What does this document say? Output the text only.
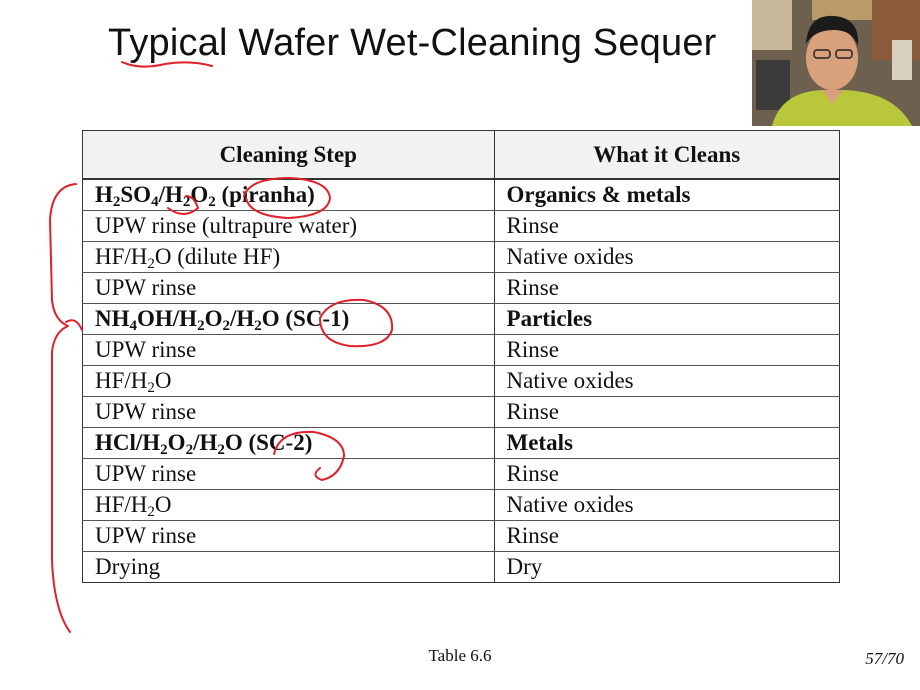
Typical Wafer Wet-Cleaning Sequer
Cleaning Step	What it Cleans
$H_2SO_4/H_2O_2$ (piranha)	Organics & metals
UPW rinse (ultrapure water)	Rinse
$HF/H_2O$ (dilute HF)	Native oxides
UPW rinse	Rinse
$NH_4OH/H_2O_2/H_2O$ (SC-1)	Particles
UPW rinse	Rinse
$HF/H_2O$	Native oxides
UPW rinse	Rinse
HCl/$H_2O_2/H_2O$ (SC-2)	Metals
UPW rinse	Rinse
$HF/H_2O$	Native oxides
UPW rinse	Rinse
Drying	Dry
Table 6.6	57/70
